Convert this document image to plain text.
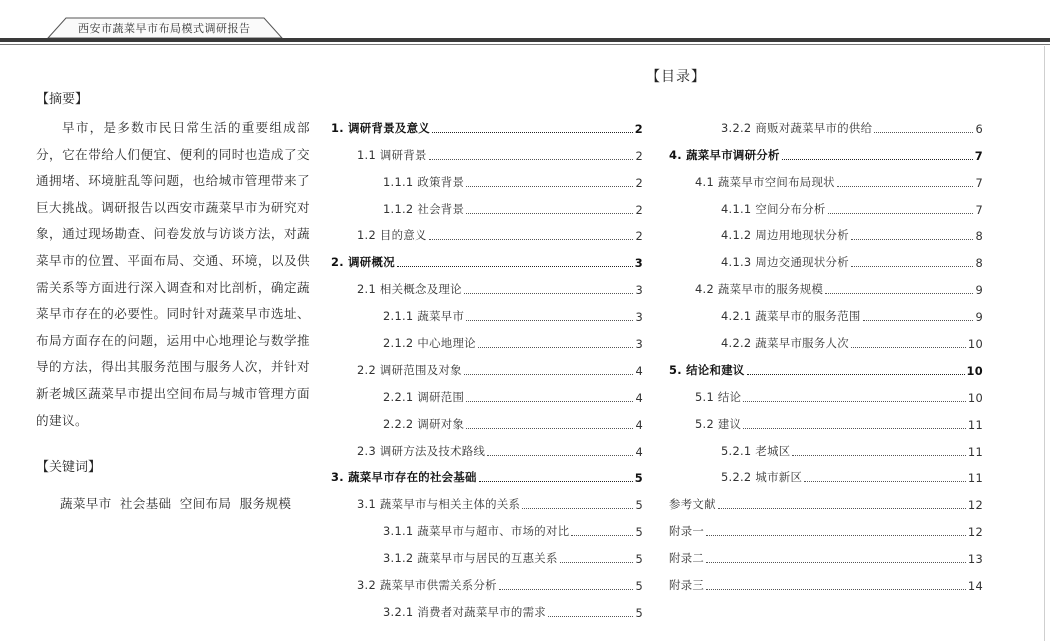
西安市蔬菜早市布局模式调研报告
【摘要】

早市，是多数市民日常生活的重要组成部分，它在带给人们便宜、便利的同时也造成了交通拥堵、环境脏乱等问题，也给城市管理带来了巨大挑战。调研报告以西安市蔬菜早市为研究对象，通过现场勘查、问卷发放与访谈方法，对蔬菜早市的位置、平面布局、交通、环境，以及供需关系等方面进行深入调查和对比剖析，确定蔬菜早市存在的必要性。同时针对蔬菜早市选址、布局方面存在的问题，运用中心地理论与数学推导的方法，得出其服务范围与服务人次，并针对新老城区蔬菜早市提出空间布局与城市管理方面的建议。

【关键词】
蔬菜早市 社会基础 空间布局 服务规模
【目录】
1. 调研背景及意义	2
1.1 调研背景	2
1.1.1 政策背景	2
1.1.2 社会背景	2
1.2 目的意义	2
2. 调研概况	3
2.1 相关概念及理论	3
2.1.1 蔬菜早市	3
2.1.2 中心地理论	3
2.2 调研范围及对象	4
2.2.1 调研范围	4
2.2.2 调研对象	4
2.3 调研方法及技术路线	4
3. 蔬菜早市存在的社会基础	5
3.1 蔬菜早市与相关主体的关系	5
3.1.1 蔬菜早市与超市、市场的对比	5
3.1.2 蔬菜早市与居民的互惠关系	5
3.2 蔬菜早市供需关系分析	5
3.2.1 消费者对蔬菜早市的需求	5
3.2.2 商贩对蔬菜早市的供给	6
4. 蔬菜早市调研分析	7
4.1 蔬菜早市空间布局现状	7
4.1.1 空间分布分析	7
4.1.2 周边用地现状分析	8
4.1.3 周边交通现状分析	8
4.2 蔬菜早市的服务规模	9
4.2.1 蔬菜早市的服务范围	9
4.2.2 蔬菜早市服务人次	10
5. 结论和建议	10
5.1 结论	10
5.2 建议	11
5.2.1 老城区	11
5.2.2 城市新区	11
参考文献	12
附录一	12
附录二	13
附录三	14
